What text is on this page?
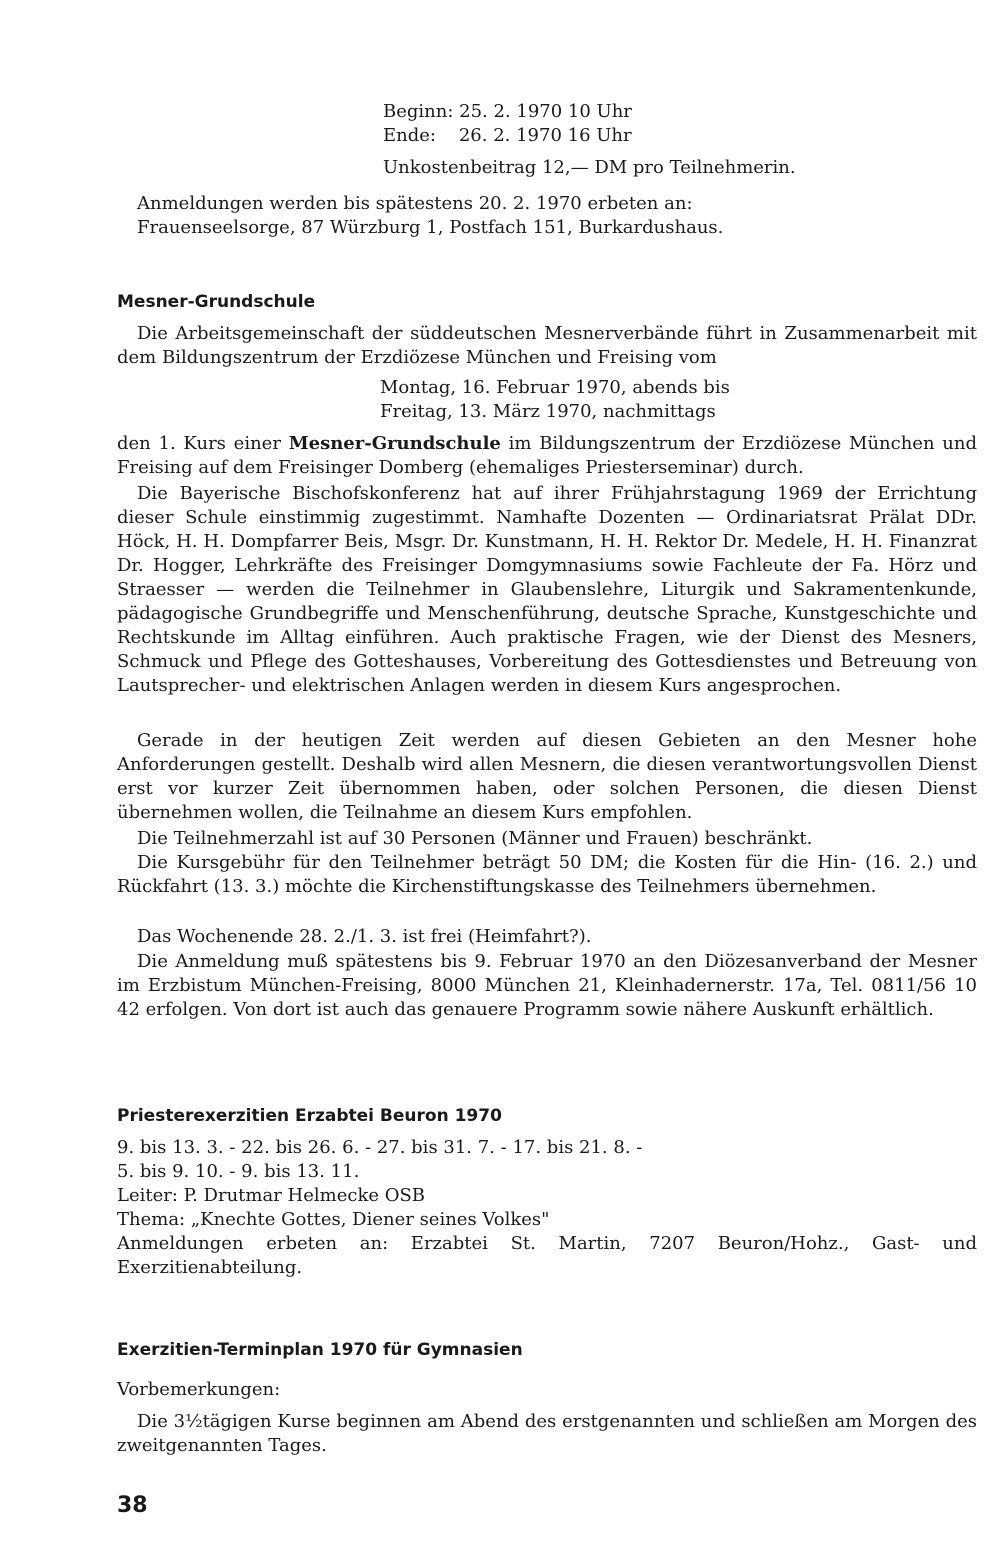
Beginn: 25. 2. 1970 10 Uhr
Ende:    26. 2. 1970 16 Uhr
Unkostenbeitrag 12,— DM pro Teilnehmerin.
Anmeldungen werden bis spätestens 20. 2. 1970 erbeten an:
Frauenseelsorge, 87 Würzburg 1, Postfach 151, Burkardushaus.
Mesner-Grundschule
Die Arbeitsgemeinschaft der süddeutschen Mesnerverbände führt in Zusammenarbeit mit dem Bildungszentrum der Erzdiözese München und Freising vom
Montag, 16. Februar 1970, abends bis
Freitag, 13. März 1970, nachmittags
den 1. Kurs einer Mesner-Grundschule im Bildungszentrum der Erzdiözese München und Freising auf dem Freisinger Domberg (ehemaliges Priesterseminar) durch.
Die Bayerische Bischofskonferenz hat auf ihrer Frühjahrstagung 1969 der Errichtung dieser Schule einstimmig zugestimmt. Namhafte Dozenten — Ordinariatsrat Prälat DDr. Höck, H. H. Dompfarrer Beis, Msgr. Dr. Kunstmann, H. H. Rektor Dr. Medele, H. H. Finanzrat Dr. Hogger, Lehrkräfte des Freisinger Domgymnasiums sowie Fachleute der Fa. Hörz und Straesser — werden die Teilnehmer in Glaubenslehre, Liturgik und Sakramentenkunde, pädagogische Grundbegriffe und Menschenführung, deutsche Sprache, Kunstgeschichte und Rechtskunde im Alltag einführen. Auch praktische Fragen, wie der Dienst des Mesners, Schmuck und Pflege des Gotteshauses, Vorbereitung des Gottesdienstes und Betreuung von Lautsprecher- und elektrischen Anlagen werden in diesem Kurs angesprochen.
Gerade in der heutigen Zeit werden auf diesen Gebieten an den Mesner hohe Anforderungen gestellt. Deshalb wird allen Mesnern, die diesen verantwortungsvollen Dienst erst vor kurzer Zeit übernommen haben, oder solchen Personen, die diesen Dienst übernehmen wollen, die Teilnahme an diesem Kurs empfohlen.
Die Teilnehmerzahl ist auf 30 Personen (Männer und Frauen) beschränkt.
Die Kursgebühr für den Teilnehmer beträgt 50 DM; die Kosten für die Hin- (16. 2.) und Rückfahrt (13. 3.) möchte die Kirchenstiftungskasse des Teilnehmers übernehmen.
Das Wochenende 28. 2./1. 3. ist frei (Heimfahrt?).
Die Anmeldung muß spätestens bis 9. Februar 1970 an den Diözesanverband der Mesner im Erzbistum München-Freising, 8000 München 21, Kleinhadernerstr. 17a, Tel. 0811/56 10 42 erfolgen. Von dort ist auch das genauere Programm sowie nähere Auskunft erhältlich.
Priesterexerzitien Erzabtei Beuron 1970
9. bis 13. 3. - 22. bis 26. 6. - 27. bis 31. 7. - 17. bis 21. 8. -
5. bis 9. 10. - 9. bis 13. 11.
Leiter: P. Drutmar Helmecke OSB
Thema: „Knechte Gottes, Diener seines Volkes"
Anmeldungen erbeten an: Erzabtei St. Martin, 7207 Beuron/Hohz., Gast- und Exerzitienabteilung.
Exerzitien-Terminplan 1970 für Gymnasien
Vorbemerkungen:
Die 3½tägigen Kurse beginnen am Abend des erstgenannten und schließen am Morgen des zweitgenannten Tages.
38
